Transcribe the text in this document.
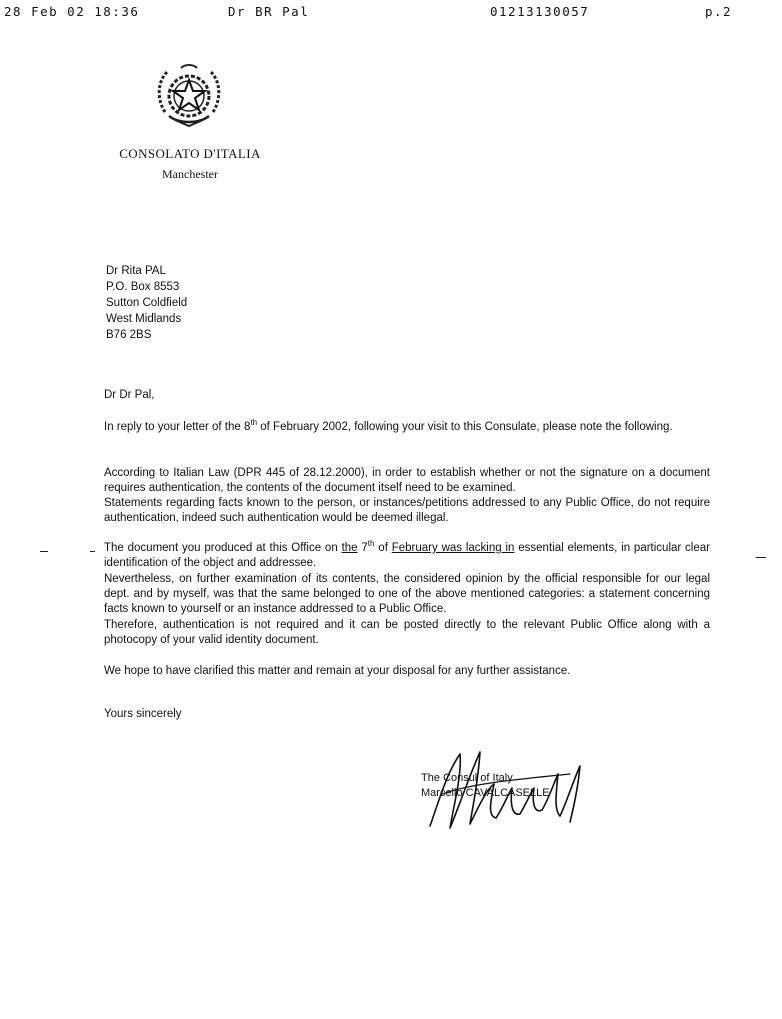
28 Feb 02 18:36	Dr BR Pal	01213130057	p.2
CONSOLATO D'ITALIA
Manchester
Dr Rita PAL
P.O. Box 8553
Sutton Coldfield
West Midlands
B76 2BS
Dr Dr Pal,
In reply to your letter of the 8th of February 2002, following your visit to this Consulate, please note the following.
According to Italian Law (DPR 445 of 28.12.2000), in order to establish whether or not the signature on a document requires authentication, the contents of the document itself need to be examined.
Statements regarding facts known to the person, or instances/petitions addressed to any Public Office, do not require authentication, indeed such authentication would be deemed illegal.
The document you produced at this Office on the 7th of February was lacking in essential elements, in particular clear identification of the object and addressee.
Nevertheless, on further examination of its contents, the considered opinion by the official responsible for our legal dept. and by myself, was that the same belonged to one of the above mentioned categories: a statement concerning facts known to yourself or an instance addressed to a Public Office.
Therefore, authentication is not required and it can be posted directly to the relevant Public Office along with a photocopy of your valid identity document.
We hope to have clarified this matter and remain at your disposal for any further assistance.
Yours sincerely
The Consul of Italy
Marcello CAVALCASELLE
